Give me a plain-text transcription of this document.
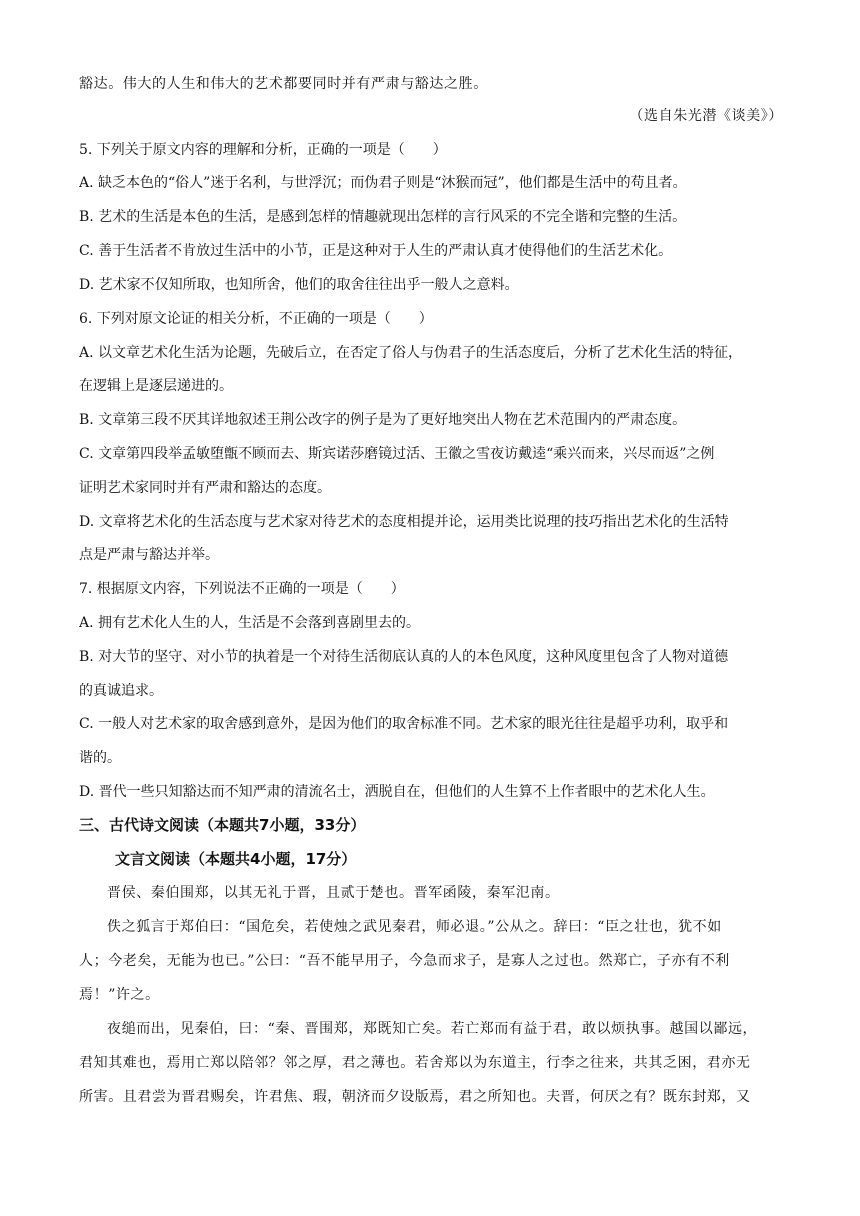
豁达。伟大的人生和伟大的艺术都要同时并有严肃与豁达之胜。
（选自朱光潜《谈美》）
5. 下列关于原文内容的理解和分析，正确的一项是（　　）
A. 缺乏本色的“俗人”迷于名利，与世浮沉；而伪君子则是“沐猴而冠”，他们都是生活中的苟且者。
B. 艺术的生活是本色的生活，是感到怎样的情趣就现出怎样的言行风采的不完全谐和完整的生活。
C. 善于生活者不肯放过生活中的小节，正是这种对于人生的严肃认真才使得他们的生活艺术化。
D. 艺术家不仅知所取，也知所舍，他们的取舍往往出乎一般人之意料。
6. 下列对原文论证的相关分析，不正确的一项是（　　）
A. 以文章艺术化生活为论题，先破后立，在否定了俗人与伪君子的生活态度后，分析了艺术化生活的特征，
在逻辑上是逐层递进的。
B. 文章第三段不厌其详地叙述王荆公改字的例子是为了更好地突出人物在艺术范围内的严肃态度。
C. 文章第四段举孟敏堕甑不顾而去、斯宾诺莎磨镜过活、王徽之雪夜访戴逵“乘兴而来，兴尽而返”之例
证明艺术家同时并有严肃和豁达的态度。
D. 文章将艺术化的生活态度与艺术家对待艺术的态度相提并论，运用类比说理的技巧指出艺术化的生活特
点是严肃与豁达并举。
7. 根据原文内容，下列说法不正确的一项是（　　）
A. 拥有艺术化人生的人，生活是不会落到喜剧里去的。
B. 对大节的坚守、对小节的执着是一个对待生活彻底认真的人的本色风度，这种风度里包含了人物对道德
的真诚追求。
C. 一般人对艺术家的取舍感到意外，是因为他们的取舍标准不同。艺术家的眼光往往是超乎功利，取乎和
谐的。
D. 晋代一些只知豁达而不知严肃的清流名士，洒脱自在，但他们的人生算不上作者眼中的艺术化人生。
三、古代诗文阅读（本题共7小题，33分）
文言文阅读（本题共4小题，17分）
晋侯、秦伯围郑，以其无礼于晋，且贰于楚也。晋军函陵，秦军氾南。
佚之狐言于郑伯曰：“国危矣，若使烛之武见秦君，师必退。”公从之。辞曰：“臣之壮也，犹不如
人；今老矣，无能为也已。”公曰：“吾不能早用子，今急而求子，是寡人之过也。然郑亡，子亦有不利
焉！”许之。
夜缒而出，见秦伯，曰：“秦、晋围郑，郑既知亡矣。若亡郑而有益于君，敢以烦执事。越国以鄙远，
君知其难也，焉用亡郑以陪邻？邻之厚，君之薄也。若舍郑以为东道主，行李之往来，共其乏困，君亦无
所害。且君尝为晋君赐矣，许君焦、瑕，朝济而夕设版焉，君之所知也。夫晋，何厌之有？既东封郑，又
